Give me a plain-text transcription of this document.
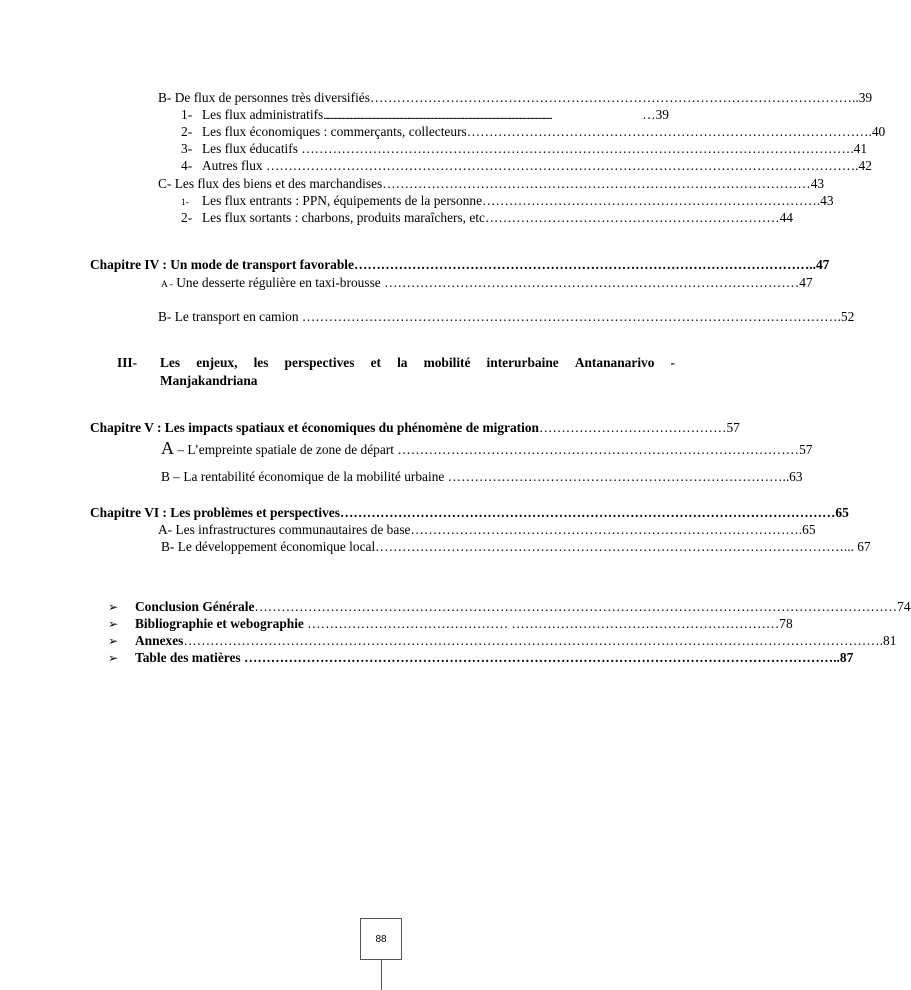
B- De flux de personnes très diversifiés ……………………………………………………………………………………………… ..39
1- Les flux administratifs .........................................................................................................................................................................	…39
2- Les flux économiques : commerçants, collecteurs ……………………………………………………………………………… .40
3- Les flux éducatifs …………………………………………………………………………………………………………… .41
4- Autres flux …………………………………………………………………………………………………………………… .42
C- Les flux des biens et des marchandises …………………………………………………………………………………… 43
1- Les flux entrants : PPN, équipements de la personne ………………………………………………………………… .43
2- Les flux sortants : charbons, produits maraîchers, etc ………………………………………………………… 44
Chapitre IV : Un mode de transport favorable ………………………………………………………………………………………… ..47
A - Une desserte régulière en taxi-brousse ………………………………………………………………………………… 47
B- Le transport en camion ………………………………………………………………………………………………………… .52
III-	Les enjeux, les perspectives et la mobilité interurbaine Antananarivo -
Manjakandriana
Chapitre V : Les impacts spatiaux et économiques du phénomène de migration …………………………………… 57
A – L’empreinte spatiale de zone de départ ……………………………………………………………………………… 57
B – La rentabilité économique de la mobilité urbaine ………………………………………………………………… ..63
Chapitre VI : Les problèmes et perspectives ………………………………………………………………………………………………… 65
A- Les infrastructures communautaires de base …………………………………………………………………………… .65
B- Le développement économique local …………………………………………………………………………………………… ... 67
➢ Conclusion Générale ……………………………………………………………………………………………………………………………… 74
➢ Bibliographie et webographie ……………………………………… …………………………………………………… 78
➢ Annexes ………………………………………………………………………………………………………………………………………… .81
➢ Table des matières …………………………………………………………………………………………………………………… ..87
88
